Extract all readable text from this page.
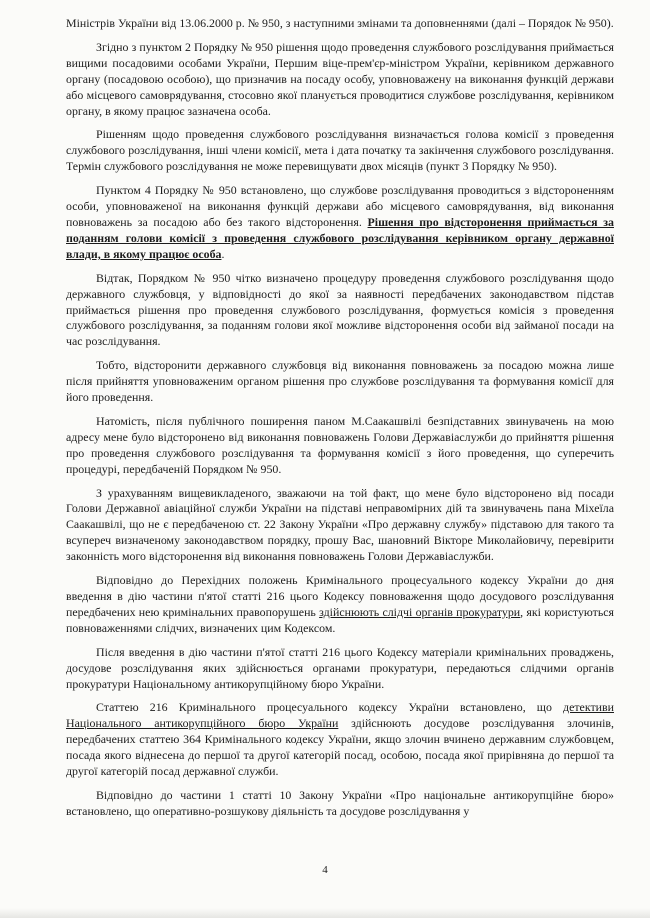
Міністрів України від 13.06.2000 р. № 950, з наступними змінами та доповненнями (далі – Порядок № 950).

Згідно з пунктом 2 Порядку № 950 рішення щодо проведення службового розслідування приймається вищими посадовими особами України, Першим віце-прем'єр-міністром України, керівником державного органу (посадовою особою), що призначив на посаду особу, уповноважену на виконання функцій держави або місцевого самоврядування, стосовно якої планується проводитися службове розслідування, керівником органу, в якому працює зазначена особа.

Рішенням щодо проведення службового розслідування визначається голова комісії з проведення службового розслідування, інші члени комісії, мета і дата початку та закінчення службового розслідування. Термін службового розслідування не може перевищувати двох місяців (пункт 3 Порядку № 950).

Пунктом 4 Порядку № 950 встановлено, що службове розслідування проводиться з відстороненням особи, уповноваженої на виконання функцій держави або місцевого самоврядування, від виконання повноважень за посадою або без такого відсторонення. Рішення про відсторонення приймається за поданням голови комісії з проведення службового розслідування керівником органу державної влади, в якому працює особа.

Відтак, Порядком № 950 чітко визначено процедуру проведення службового розслідування щодо державного службовця, у відповідності до якої за наявності передбачених законодавством підстав приймається рішення про проведення службового розслідування, формується комісія з проведення службового розслідування, за поданням голови якої можливе відсторонення особи від займаної посади на час розслідування.

Тобто, відсторонити державного службовця від виконання повноважень за посадою можна лише після прийняття уповноваженим органом рішення про службове розслідування та формування комісії для його проведення.

Натомість, після публічного поширення паном М.Саакашвілі безпідставних звинувачень на мою адресу мене було відсторонено від виконання повноважень Голови Державіаслужби до прийняття рішення про проведення службового розслідування та формування комісії з його проведення, що суперечить процедурі, передбаченій Порядком № 950.

З урахуванням вищевикладеного, зважаючи на той факт, що мене було відсторонено від посади Голови Державної авіаційної служби України на підставі неправомірних дій та звинувачень пана Міхеїла Саакашвілі, що не є передбаченою ст. 22 Закону України «Про державну службу» підставою для такого та всупереч визначеному законодавством порядку, прошу Вас, шановний Вікторе Миколайовичу, перевірити законність мого відсторонення від виконання повноважень Голови Державіаслужби.

Відповідно до Перехідних положень Кримінального процесуального кодексу України до дня введення в дію частини п'ятої статті 216 цього Кодексу повноваження щодо досудового розслідування передбачених нею кримінальних правопорушень здійснюють слідчі органів прокуратури, які користуються повноваженнями слідчих, визначених цим Кодексом.

Після введення в дію частини п'ятої статті 216 цього Кодексу матеріали кримінальних проваджень, досудове розслідування яких здійснюється органами прокуратури, передаються слідчими органів прокуратури Національному антикорупційному бюро України.

Статтею 216 Кримінального процесуального кодексу України встановлено, що детективи Національного антикорупційного бюро України здійснюють досудове розслідування злочинів, передбачених статтею 364 Кримінального кодексу України, якщо злочин вчинено державним службовцем, посада якого віднесена до першої та другої категорій посад, особою, посада якої прирівняна до першої та другої категорій посад державної служби.

Відповідно до частини 1 статті 10 Закону України «Про національне антикорупційне бюро» встановлено, що оперативно-розшукову діяльність та досудове розслідування у

4
